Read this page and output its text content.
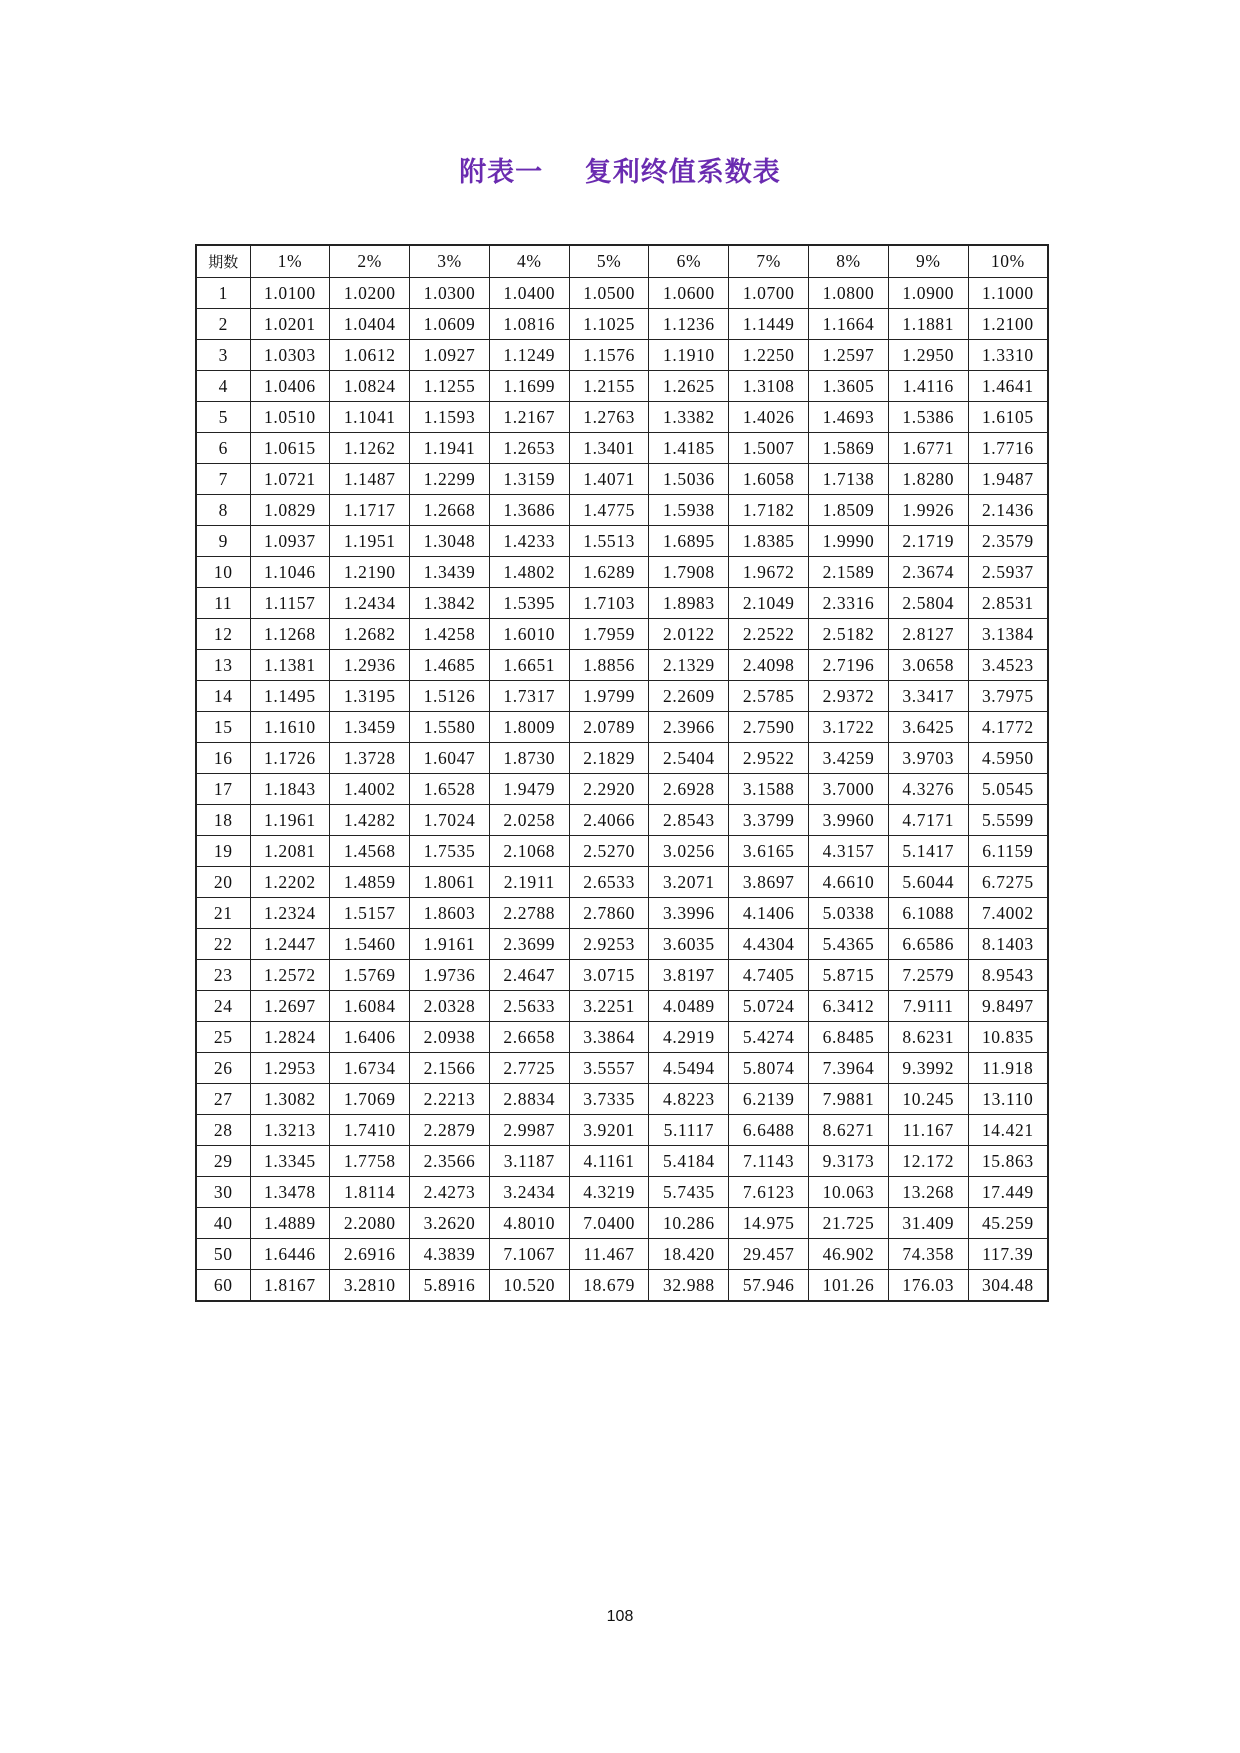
附表一    复利终值系数表
期数	1%	2%	3%	4%	5%	6%	7%	8%	9%	10%
1	1.0100	1.0200	1.0300	1.0400	1.0500	1.0600	1.0700	1.0800	1.0900	1.1000
2	1.0201	1.0404	1.0609	1.0816	1.1025	1.1236	1.1449	1.1664	1.1881	1.2100
3	1.0303	1.0612	1.0927	1.1249	1.1576	1.1910	1.2250	1.2597	1.2950	1.3310
4	1.0406	1.0824	1.1255	1.1699	1.2155	1.2625	1.3108	1.3605	1.4116	1.4641
5	1.0510	1.1041	1.1593	1.2167	1.2763	1.3382	1.4026	1.4693	1.5386	1.6105
6	1.0615	1.1262	1.1941	1.2653	1.3401	1.4185	1.5007	1.5869	1.6771	1.7716
7	1.0721	1.1487	1.2299	1.3159	1.4071	1.5036	1.6058	1.7138	1.8280	1.9487
8	1.0829	1.1717	1.2668	1.3686	1.4775	1.5938	1.7182	1.8509	1.9926	2.1436
9	1.0937	1.1951	1.3048	1.4233	1.5513	1.6895	1.8385	1.9990	2.1719	2.3579
10	1.1046	1.2190	1.3439	1.4802	1.6289	1.7908	1.9672	2.1589	2.3674	2.5937
11	1.1157	1.2434	1.3842	1.5395	1.7103	1.8983	2.1049	2.3316	2.5804	2.8531
12	1.1268	1.2682	1.4258	1.6010	1.7959	2.0122	2.2522	2.5182	2.8127	3.1384
13	1.1381	1.2936	1.4685	1.6651	1.8856	2.1329	2.4098	2.7196	3.0658	3.4523
14	1.1495	1.3195	1.5126	1.7317	1.9799	2.2609	2.5785	2.9372	3.3417	3.7975
15	1.1610	1.3459	1.5580	1.8009	2.0789	2.3966	2.7590	3.1722	3.6425	4.1772
16	1.1726	1.3728	1.6047	1.8730	2.1829	2.5404	2.9522	3.4259	3.9703	4.5950
17	1.1843	1.4002	1.6528	1.9479	2.2920	2.6928	3.1588	3.7000	4.3276	5.0545
18	1.1961	1.4282	1.7024	2.0258	2.4066	2.8543	3.3799	3.9960	4.7171	5.5599
19	1.2081	1.4568	1.7535	2.1068	2.5270	3.0256	3.6165	4.3157	5.1417	6.1159
20	1.2202	1.4859	1.8061	2.1911	2.6533	3.2071	3.8697	4.6610	5.6044	6.7275
21	1.2324	1.5157	1.8603	2.2788	2.7860	3.3996	4.1406	5.0338	6.1088	7.4002
22	1.2447	1.5460	1.9161	2.3699	2.9253	3.6035	4.4304	5.4365	6.6586	8.1403
23	1.2572	1.5769	1.9736	2.4647	3.0715	3.8197	4.7405	5.8715	7.2579	8.9543
24	1.2697	1.6084	2.0328	2.5633	3.2251	4.0489	5.0724	6.3412	7.9111	9.8497
25	1.2824	1.6406	2.0938	2.6658	3.3864	4.2919	5.4274	6.8485	8.6231	10.835
26	1.2953	1.6734	2.1566	2.7725	3.5557	4.5494	5.8074	7.3964	9.3992	11.918
27	1.3082	1.7069	2.2213	2.8834	3.7335	4.8223	6.2139	7.9881	10.245	13.110
28	1.3213	1.7410	2.2879	2.9987	3.9201	5.1117	6.6488	8.6271	11.167	14.421
29	1.3345	1.7758	2.3566	3.1187	4.1161	5.4184	7.1143	9.3173	12.172	15.863
30	1.3478	1.8114	2.4273	3.2434	4.3219	5.7435	7.6123	10.063	13.268	17.449
40	1.4889	2.2080	3.2620	4.8010	7.0400	10.286	14.975	21.725	31.409	45.259
50	1.6446	2.6916	4.3839	7.1067	11.467	18.420	29.457	46.902	74.358	117.39
60	1.8167	3.2810	5.8916	10.520	18.679	32.988	57.946	101.26	176.03	304.48
108
